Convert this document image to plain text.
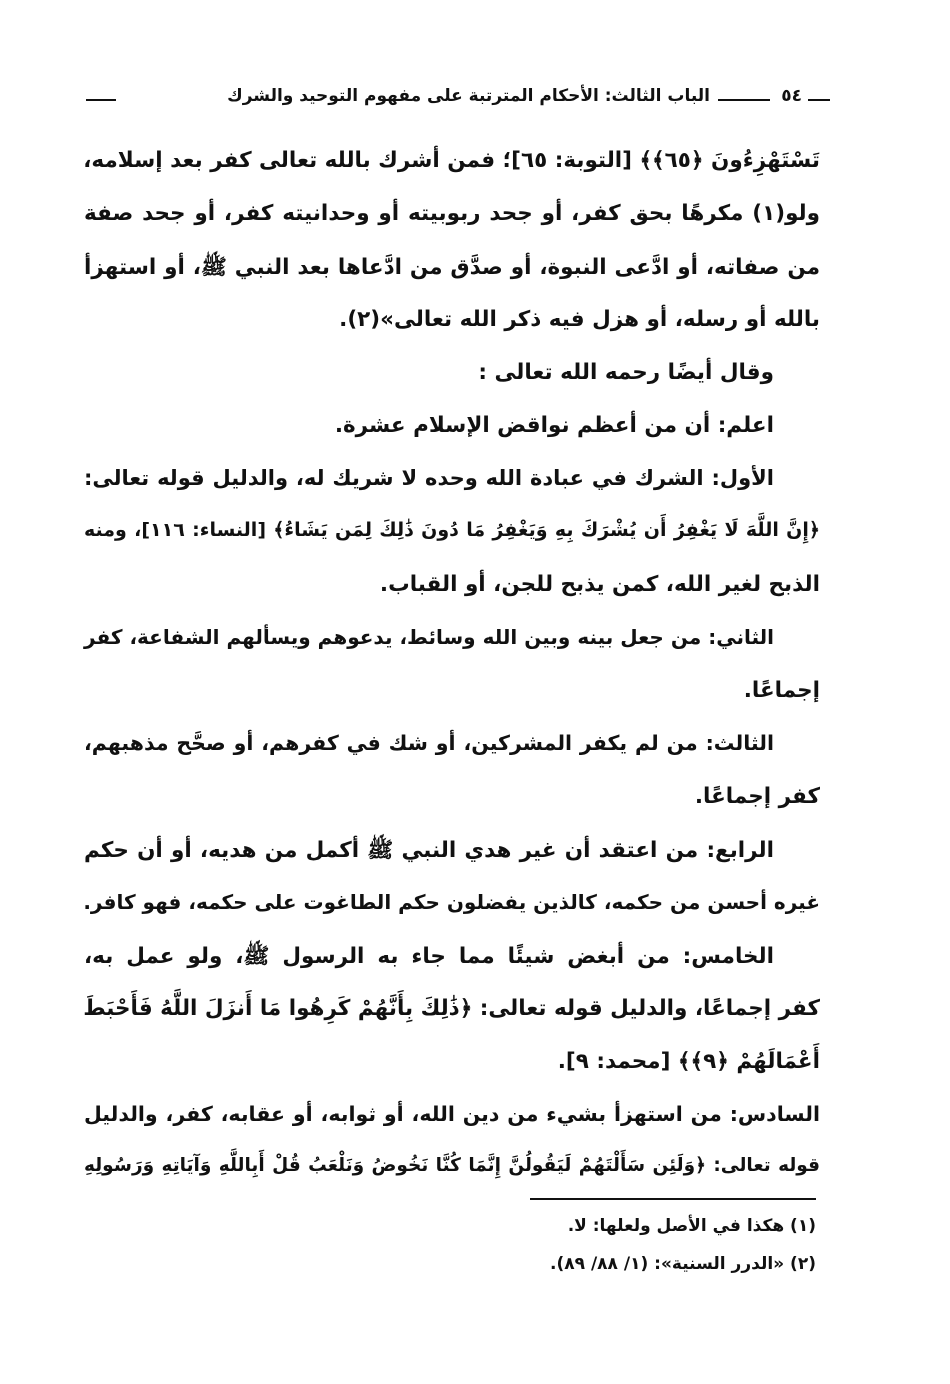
٥٤
الباب الثالث: الأحكام المترتبة على مفهوم التوحيد والشرك
تَسْتَهْزِءُونَ ﴿٦٥﴾﴾ [التوبة: ٦٥]؛ فمن أشرك بالله تعالى كفر بعد إسلامه،
ولو(١) مكرهًا بحق كفر، أو جحد ربوبيته أو وحدانيته كفر، أو جحد صفة
من صفاته، أو ادَّعى النبوة، أو صدَّق من ادَّعاها بعد النبي ﷺ، أو استهزأ
بالله أو رسله، أو هزل فيه ذكر الله تعالى»(٢).
وقال أيضًا رحمه الله تعالى :
اعلم: أن من أعظم نواقض الإسلام عشرة.
الأول: الشرك في عبادة الله وحده لا شريك له، والدليل قوله تعالى:
﴿إِنَّ اللَّهَ لَا يَغْفِرُ أَن يُشْرَكَ بِهِ وَيَغْفِرُ مَا دُونَ ذَٰلِكَ لِمَن يَشَاءُ﴾ [النساء: ١١٦]، ومنه
الذبح لغير الله، كمن يذبح للجن، أو القباب.
الثاني: من جعل بينه وبين الله وسائط، يدعوهم ويسألهم الشفاعة، كفر
إجماعًا.
الثالث: من لم يكفر المشركين، أو شك في كفرهم، أو صحَّح مذهبهم،
كفر إجماعًا.
الرابع: من اعتقد أن غير هدي النبي ﷺ أكمل من هديه، أو أن حكم
غيره أحسن من حكمه، كالذين يفضلون حكم الطاغوت على حكمه، فهو كافر.
الخامس: من أبغض شيئًا مما جاء به الرسول ﷺ، ولو عمل به،
كفر إجماعًا، والدليل قوله تعالى: ﴿ذَٰلِكَ بِأَنَّهُمْ كَرِهُوا مَا أَنزَلَ اللَّهُ فَأَحْبَطَ
أَعْمَالَهُمْ ﴿٩﴾﴾ [محمد: ٩].
السادس: من استهزأ بشيء من دين الله، أو ثوابه، أو عقابه، كفر، والدليل
قوله تعالى: ﴿وَلَئِن سَأَلْتَهُمْ لَيَقُولُنَّ إِنَّمَا كُنَّا نَخُوضُ وَنَلْعَبُ قُلْ أَبِاللَّهِ وَآيَاتِهِ وَرَسُولِهِ
(١) هكذا في الأصل ولعلها: لا.
(٢) «الدرر السنية»: (١/ ٨٨/ ٨٩).
